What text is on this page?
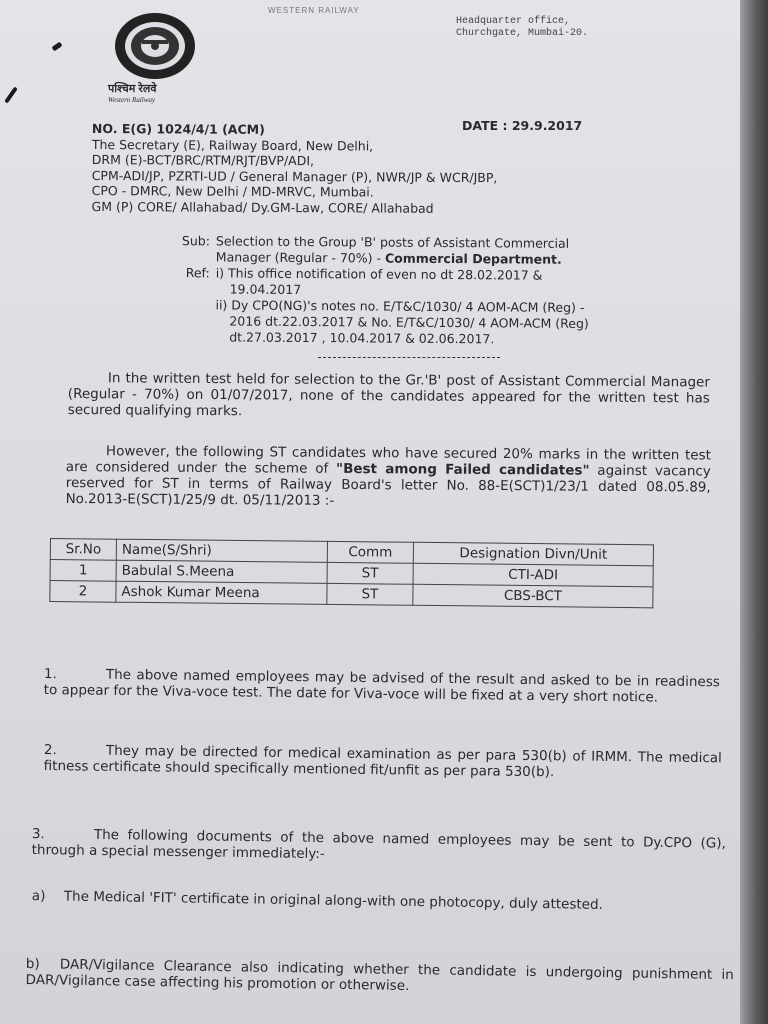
WESTERN RAILWAY
पश्चिम रेलवे
Western Railway
Headquarter office,
Churchgate, Mumbai-20.
DATE : 29.9.2017
NO. E(G) 1024/4/1 (ACM)
The Secretary (E), Railway Board, New Delhi,
DRM (E)-BCT/BRC/RTM/RJT/BVP/ADI,
CPM-ADI/JP, PZRTI-UD / General Manager (P), NWR/JP & WCR/JBP,
CPO - DMRC, New Delhi / MD-MRVC, Mumbai.
GM (P) CORE/ Allahabad/ Dy.GM-Law, CORE/ Allahabad
Sub: Selection to the Group 'B' posts of Assistant Commercial
Manager (Regular - 70%) - Commercial Department.
Ref: i) This office notification of even no dt 28.02.2017 &
19.04.2017
ii) Dy CPO(NG)'s notes no. E/T&C/1030/ 4 AOM-ACM (Reg) -
2016 dt.22.03.2017 & No. E/T&C/1030/ 4 AOM-ACM (Reg)
dt.27.03.2017 , 10.04.2017 & 02.06.2017.
In the written test held for selection to the Gr.'B' post of Assistant Commercial Manager (Regular - 70%) on 01/07/2017, none of the candidates appeared for the written test has secured qualifying marks.
However, the following ST candidates who have secured 20% marks in the written test are considered under the scheme of "Best among Failed candidates" against vacancy reserved for ST in terms of Railway Board's letter No. 88-E(SCT)1/23/1 dated 08.05.89, No.2013-E(SCT)1/25/9 dt. 05/11/2013 :-
Sr.No	Name(S/Shri)	Comm	Designation Divn/Unit
1	Babulal S.Meena	ST	CTI-ADI
2	Ashok Kumar Meena	ST	CBS-BCT
1.	The above named employees may be advised of the result and asked to be in readiness to appear for the Viva-voce test. The date for Viva-voce will be fixed at a very short notice.
2.	They may be directed for medical examination as per para 530(b) of IRMM. The medical fitness certificate should specifically mentioned fit/unfit as per para 530(b).
3.	The following documents of the above named employees may be sent to Dy.CPO (G), through a special messenger immediately:-
a) The Medical 'FIT' certificate in original along-with one photocopy, duly attested.
b) DAR/Vigilance Clearance also indicating whether the candidate is undergoing punishment in DAR/Vigilance case affecting his promotion or otherwise.
